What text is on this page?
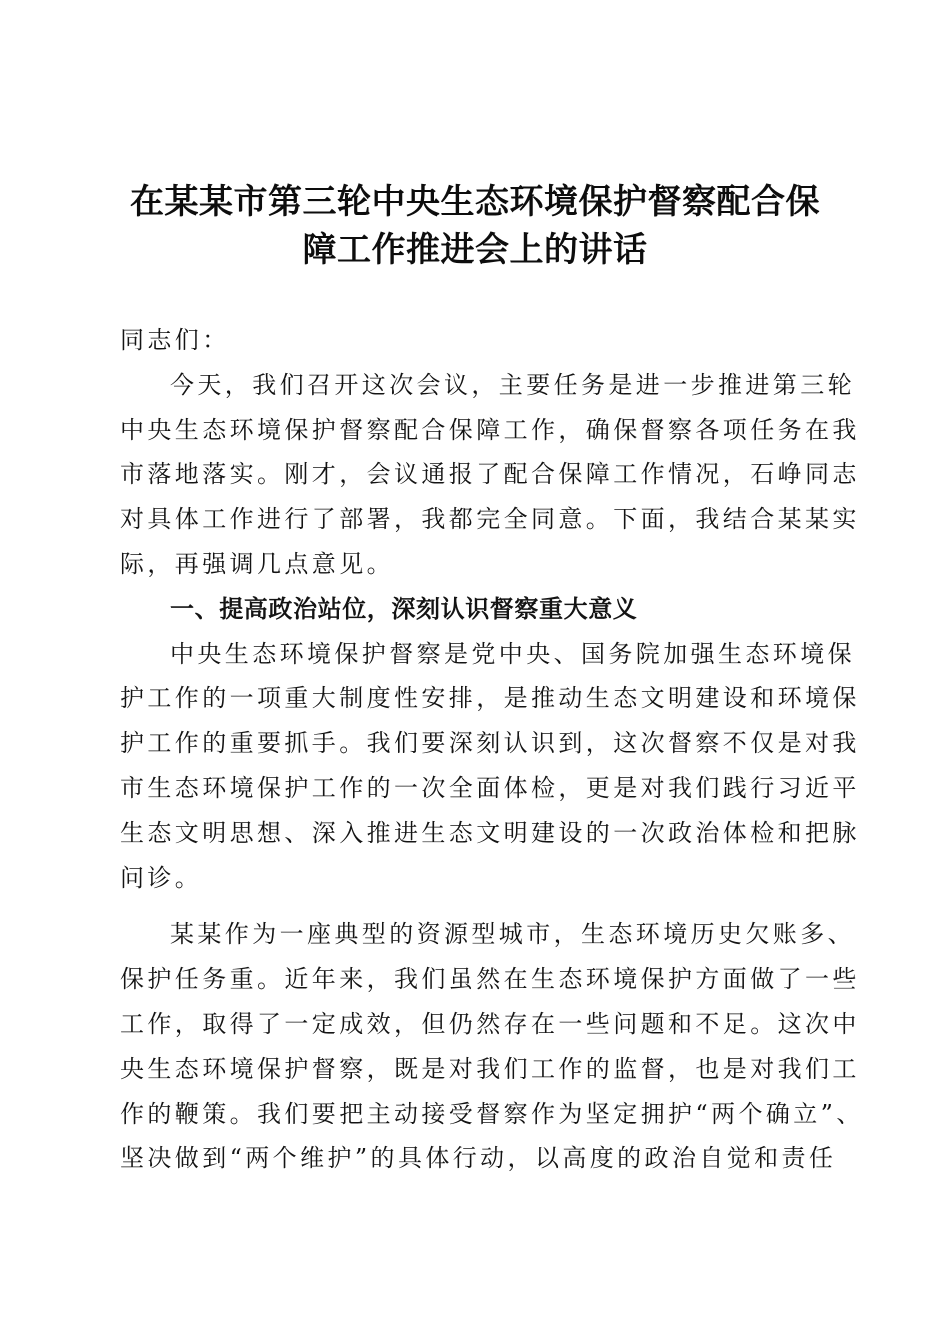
在某某市第三轮中央生态环境保护督察配合保
障工作推进会上的讲话

同志们：

今天，我们召开这次会议，主要任务是进一步推进第三轮
中央生态环境保护督察配合保障工作，确保督察各项任务在我
市落地落实。刚才，会议通报了配合保障工作情况，石峥同志
对具体工作进行了部署，我都完全同意。下面，我结合某某实
际，再强调几点意见。

一、提高政治站位，深刻认识督察重大意义

中央生态环境保护督察是党中央、国务院加强生态环境保
护工作的一项重大制度性安排，是推动生态文明建设和环境保
护工作的重要抓手。我们要深刻认识到，这次督察不仅是对我
市生态环境保护工作的一次全面体检，更是对我们践行习近平
生态文明思想、深入推进生态文明建设的一次政治体检和把脉
问诊。

某某作为一座典型的资源型城市，生态环境历史欠账多、
保护任务重。近年来，我们虽然在生态环境保护方面做了一些
工作，取得了一定成效，但仍然存在一些问题和不足。这次中
央生态环境保护督察，既是对我们工作的监督，也是对我们工
作的鞭策。我们要把主动接受督察作为坚定拥护“两个确立”、
坚决做到“两个维护”的具体行动，以高度的政治自觉和责任
